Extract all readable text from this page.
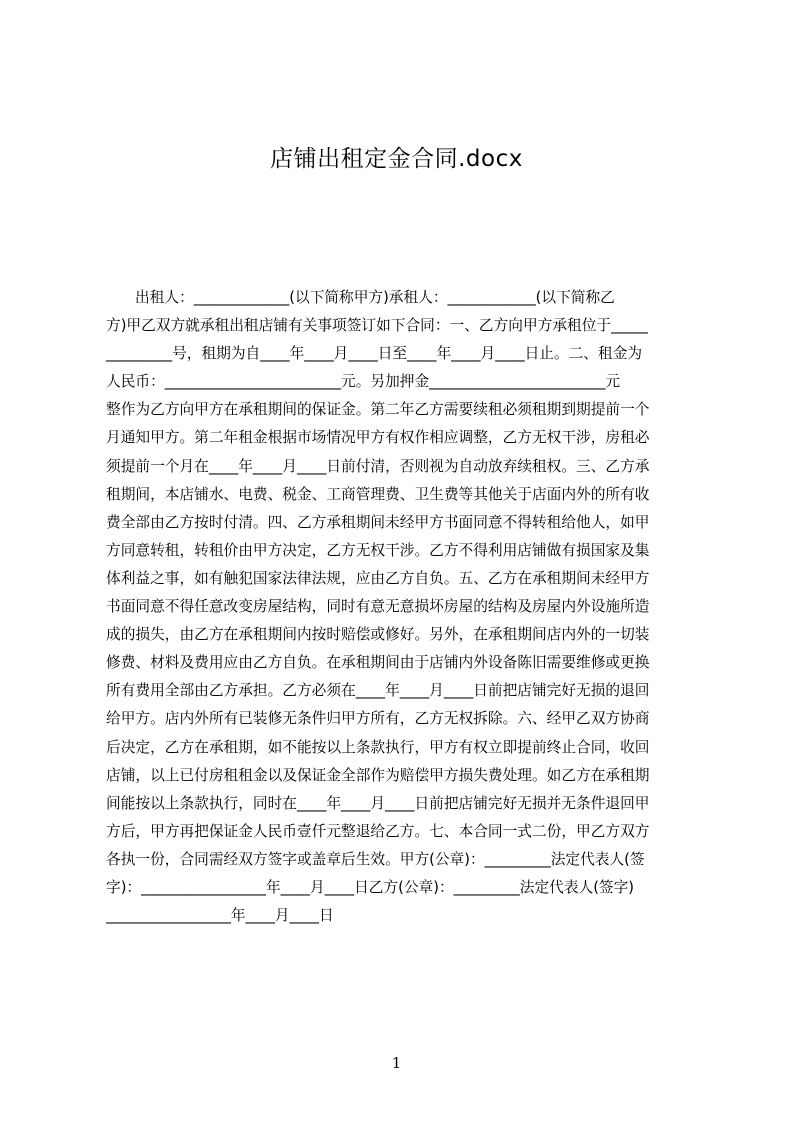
店铺出租定金合同.docx
出租人：_____________(以下简称甲方)承租人：____________(以下简称乙
方)甲乙双方就承租出租店铺有关事项签订如下合同：一、乙方向甲方承租位于_____
_________号，租期为自____年____月____日至____年____月____日止。二、租金为
人民币：________________________元。另加押金________________________元
整作为乙方向甲方在承租期间的保证金。第二年乙方需要续租必须租期到期提前一个
月通知甲方。第二年租金根据市场情况甲方有权作相应调整，乙方无权干涉，房租必
须提前一个月在____年____月____日前付清，否则视为自动放弃续租权。三、乙方承
租期间，本店铺水、电费、税金、工商管理费、卫生费等其他关于店面内外的所有收
费全部由乙方按时付清。四、乙方承租期间未经甲方书面同意不得转租给他人，如甲
方同意转租，转租价由甲方决定，乙方无权干涉。乙方不得利用店铺做有损国家及集
体利益之事，如有触犯国家法律法规，应由乙方自负。五、乙方在承租期间未经甲方
书面同意不得任意改变房屋结构，同时有意无意损坏房屋的结构及房屋内外设施所造
成的损失，由乙方在承租期间内按时赔偿或修好。另外，在承租期间店内外的一切装
修费、材料及费用应由乙方自负。在承租期间由于店铺内外设备陈旧需要维修或更换
所有费用全部由乙方承担。乙方必须在____年____月____日前把店铺完好无损的退回
给甲方。店内外所有已装修无条件归甲方所有，乙方无权拆除。六、经甲乙双方协商
后决定，乙方在承租期，如不能按以上条款执行，甲方有权立即提前终止合同，收回
店铺，以上已付房租租金以及保证金全部作为赔偿甲方损失费处理。如乙方在承租期
间能按以上条款执行，同时在____年____月____日前把店铺完好无损并无条件退回甲
方后，甲方再把保证金人民币壹仟元整退给乙方。七、本合同一式二份，甲乙方双方
各执一份，合同需经双方签字或盖章后生效。甲方(公章)：_________法定代表人(签
字)：_________________年____月____日乙方(公章)：_________法定代表人(签字)
_________________年____月____日
1
